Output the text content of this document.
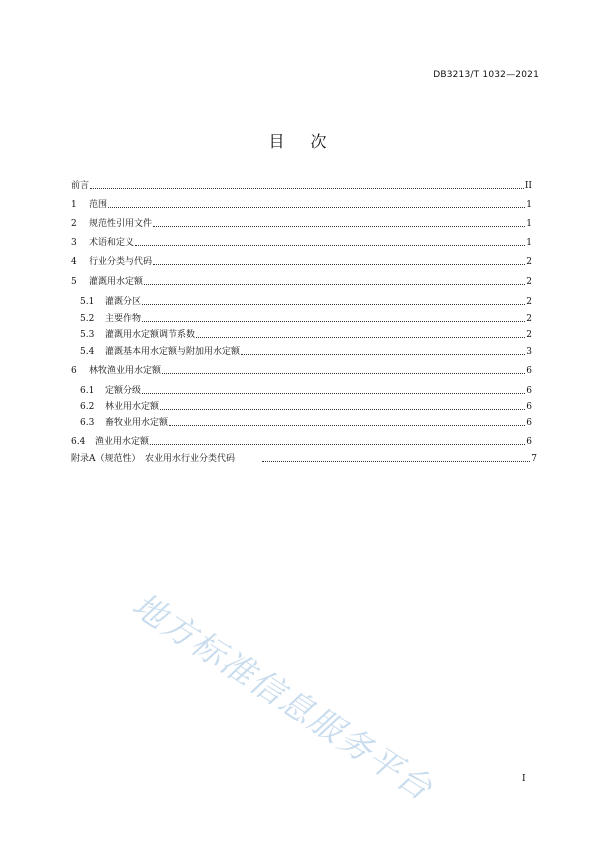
DB3213/T 1032—2021
目次
前言	II
1	范围	1
2	规范性引用文件	1
3	术语和定义	1
4	行业分类与代码	2
5	灌溉用水定额	2
5.1	灌溉分区	2
5.2	主要作物	2
5.3	灌溉用水定额调节系数	2
5.4	灌溉基本用水定额与附加用水定额	3
6	林牧渔业用水定额	6
6.1	定额分级	6
6.2	林业用水定额	6
6.3	畜牧业用水定额	6
6.4	渔业用水定额	6
附录A（规范性）　农业用水行业分类代码	7
地方标准信息服务平台	I
